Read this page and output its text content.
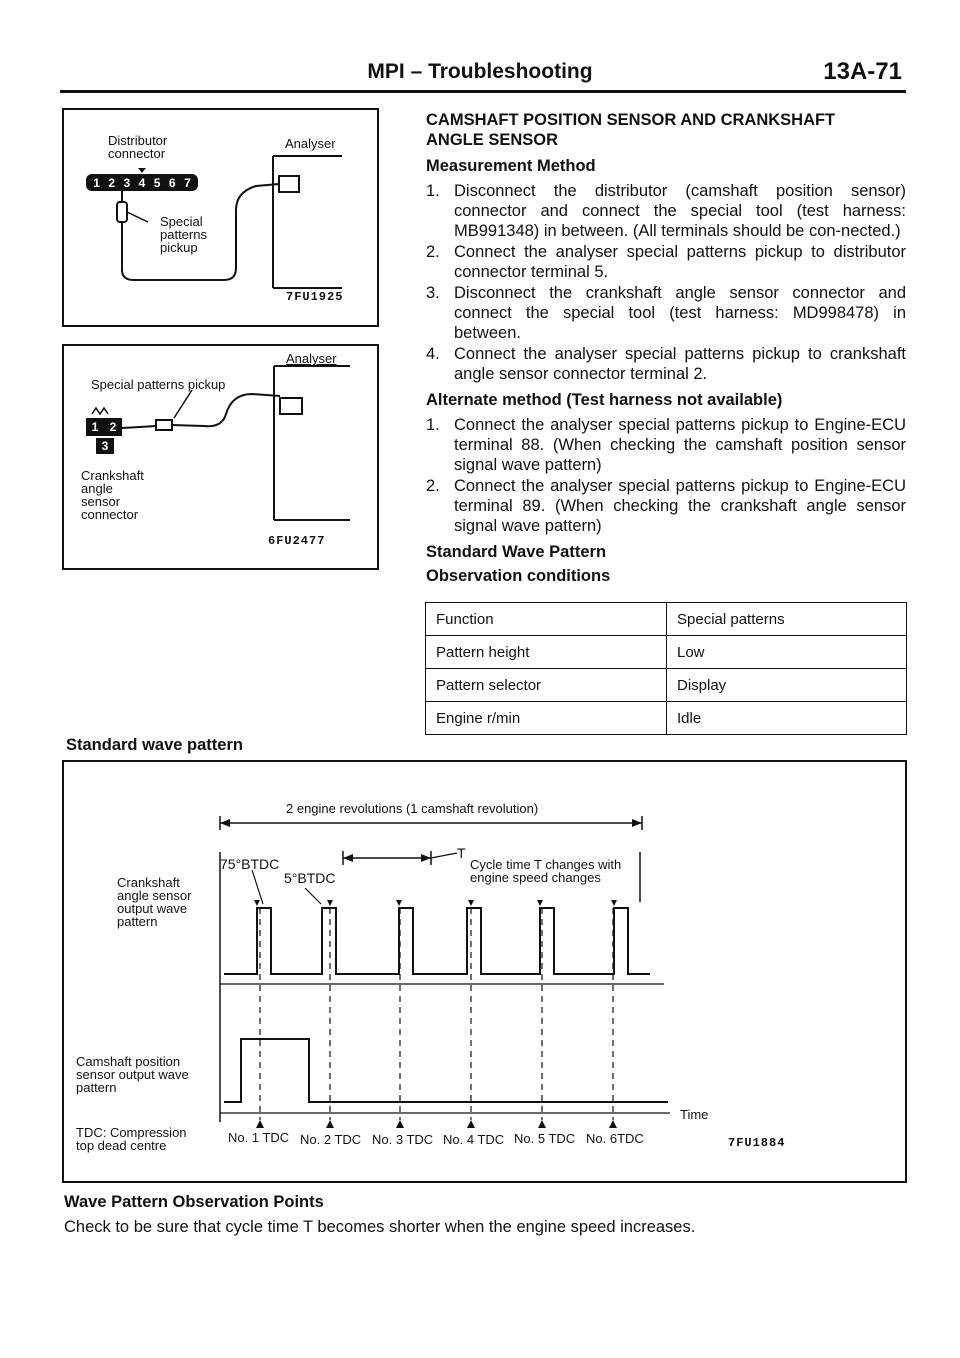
MPI – Troubleshooting	13A-71
Distributor connector
Analyser
1 2 3 4 5 6 7
Special
patterns
pickup
7FU1925
Analyser
Special patterns pickup
1 2
3
Crankshaft
angle
sensor
connector
6FU2477
CAMSHAFT POSITION SENSOR AND CRANKSHAFT
ANGLE SENSOR
Measurement Method
1. Disconnect the distributor (camshaft position sensor) connector and connect the special tool (test harness: MB991348) in between. (All terminals should be con-nected.)
2. Connect the analyser special patterns pickup to distributor connector terminal 5.
3. Disconnect the crankshaft angle sensor connector and connect the special tool (test harness: MD998478) in between.
4. Connect the analyser special patterns pickup to crankshaft angle sensor connector terminal 2.
Alternate method (Test harness not available)
1. Connect the analyser special patterns pickup to Engine-ECU terminal 88. (When checking the camshaft position sensor signal wave pattern)
2. Connect the analyser special patterns pickup to Engine-ECU terminal 89. (When checking the crankshaft angle sensor signal wave pattern)
Standard Wave Pattern
Observation conditions
Function	Special patterns
Pattern height	Low
Pattern selector	Display
Engine r/min	Idle
Standard wave pattern
2 engine revolutions (1 camshaft revolution)
75°BTDC
5°BTDC
T
Cycle time T changes with
engine speed changes
Crankshaft
angle sensor
output wave
pattern
Camshaft position
sensor output wave
pattern
Time
TDC: Compression
top dead centre
No. 1 TDC No. 2 TDC No. 3 TDC No. 4 TDC No. 5 TDC No. 6TDC	7FU1884
Wave Pattern Observation Points
Check to be sure that cycle time T becomes shorter when the engine speed increases.
